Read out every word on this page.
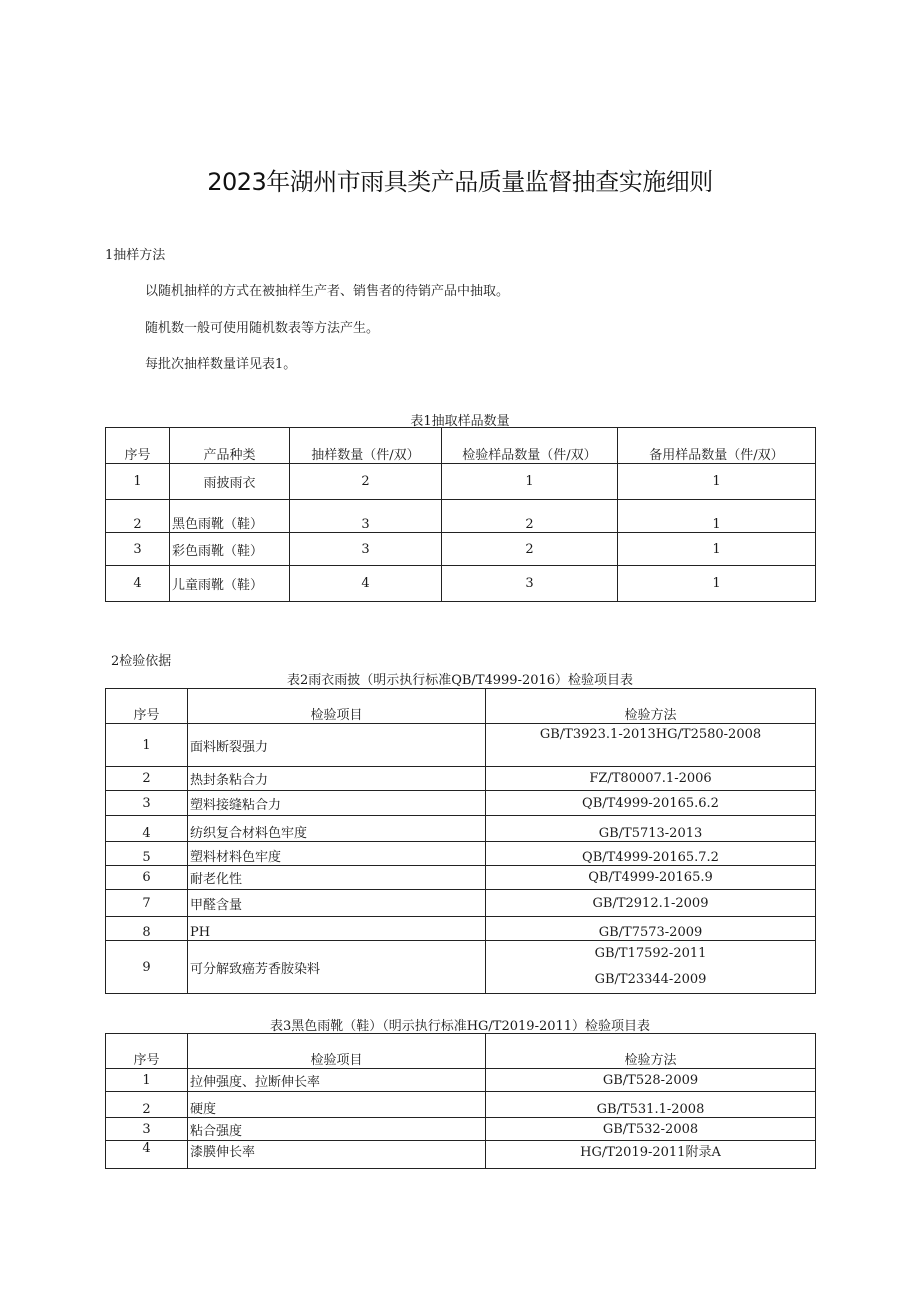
2023年湖州市雨具类产品质量监督抽查实施细则
1抽样方法
以随机抽样的方式在被抽样生产者、销售者的待销产品中抽取。
随机数一般可使用随机数表等方法产生。
每批次抽样数量详见表1。
表1抽取样品数量
序号	产品种类	抽样数量（件/双）	检验样品数量（件/双）	备用样品数量（件/双）
1	雨披雨衣	2	1	1
2	黑色雨靴（鞋）	3	2	1
3	彩色雨靴（鞋）	3	2	1
4	儿童雨靴（鞋）	4	3	1
2检验依据
表2雨衣雨披（明示执行标准QB/T4999-2016）检验项目表
序号	检验项目	检验方法
1	面料断裂强力	GB/T3923.1-2013HG/T2580-2008
2	热封条粘合力	FZ/T80007.1-2006
3	塑料接缝粘合力	QB/T4999-20165.6.2
4	纺织复合材料色牢度	GB/T5713-2013
5	塑料材料色牢度	QB/T4999-20165.7.2
6	耐老化性	QB/T4999-20165.9
7	甲醛含量	GB/T2912.1-2009
8	PH	GB/T7573-2009
9	可分解致癌芳香胺染料	GB/T17592-2011
GB/T23344-2009
表3黑色雨靴（鞋）（明示执行标准HG/T2019-2011）检验项目表
序号	检验项目	检验方法
1	拉伸强度、拉断伸长率	GB/T528-2009
2	硬度	GB/T531.1-2008
3	粘合强度	GB/T532-2008
4	漆膜伸长率	HG/T2019-2011附录A
